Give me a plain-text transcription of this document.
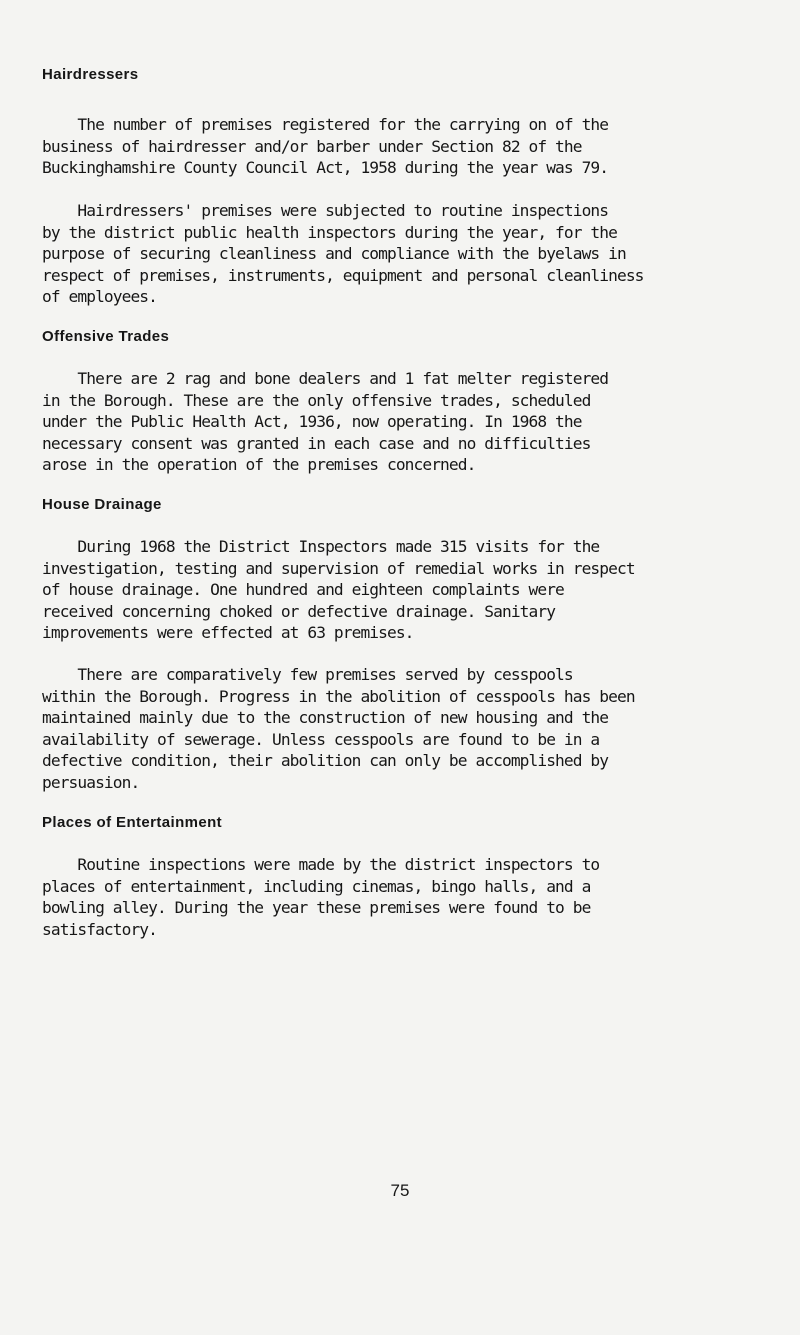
Hairdressers

The number of premises registered for the carrying on of the
business of hairdresser and/or barber under Section 82 of the
Buckinghamshire County Council Act, 1958 during the year was 79.

Hairdressers' premises were subjected to routine inspections
by the district public health inspectors during the year, for the
purpose of securing cleanliness and compliance with the byelaws in
respect of premises, instruments, equipment and personal cleanliness
of employees.

Offensive Trades

There are 2 rag and bone dealers and 1 fat melter registered
in the Borough. These are the only offensive trades, scheduled
under the Public Health Act, 1936, now operating. In 1968 the
necessary consent was granted in each case and no difficulties
arose in the operation of the premises concerned.

House Drainage

During 1968 the District Inspectors made 315 visits for the
investigation, testing and supervision of remedial works in respect
of house drainage. One hundred and eighteen complaints were
received concerning choked or defective drainage. Sanitary
improvements were effected at 63 premises.

There are comparatively few premises served by cesspools
within the Borough. Progress in the abolition of cesspools has been
maintained mainly due to the construction of new housing and the
availability of sewerage. Unless cesspools are found to be in a
defective condition, their abolition can only be accomplished by
persuasion.

Places of Entertainment

Routine inspections were made by the district inspectors to
places of entertainment, including cinemas, bingo halls, and a
bowling alley. During the year these premises were found to be
satisfactory.

75
